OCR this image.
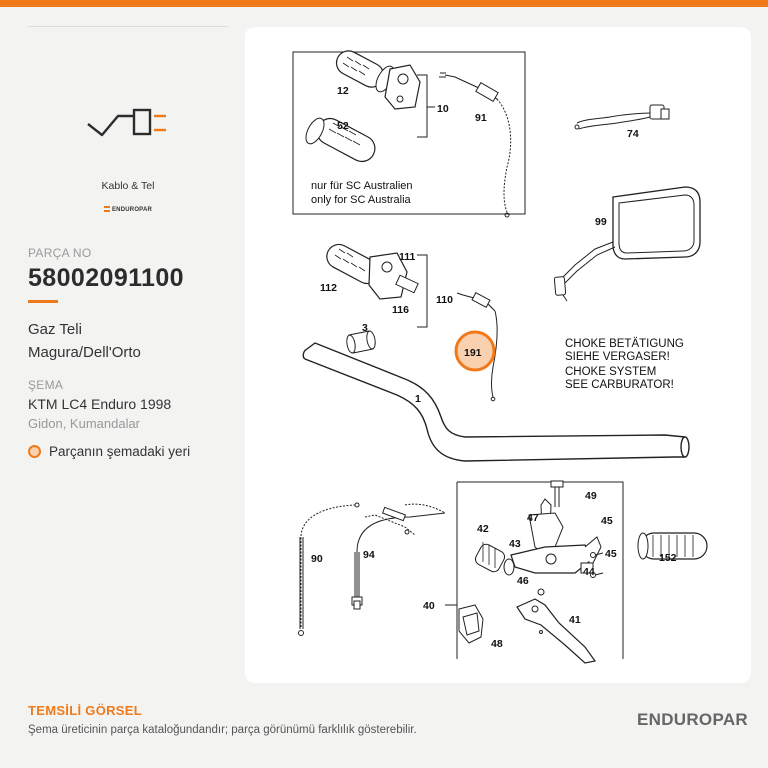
Kablo & Tel
ENDUROPAR
PARÇA NO
58002091100
Gaz Teli
Magura/Dell'Orto
ŞEMA
KTM LC4 Enduro 1998
Gidon, Kumandalar
Parçanın şemadaki yeri
12
10
91
52
74
111
112
110
116
99
3
191
1
49
47	45
42
43
45
46
44
90	94	152
40
41
48
nur für SC Australien
only for SC Australia
CHOKE BETÄTIGUNG
SIEHE VERGASER!
CHOKE SYSTEM
SEE CARBURATOR!
TEMSİLİ GÖRSEL
Şema üreticinin parça kataloğundandır; parça görünümü farklılık gösterebilir.
ENDUROPAR
